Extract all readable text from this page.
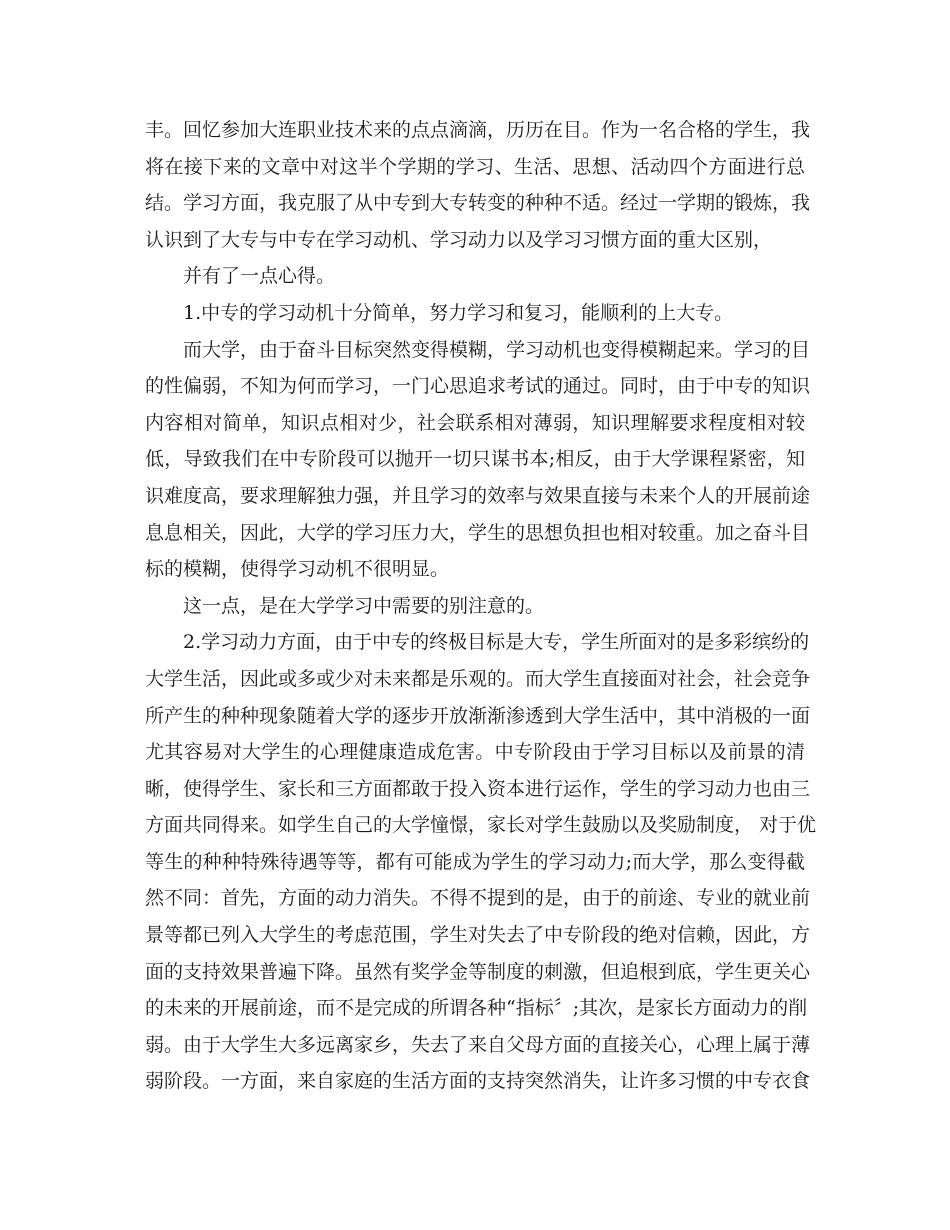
丰。回忆参加大连职业技术来的点点滴滴，历历在目。作为一名合格的学生，我
将在接下来的文章中对这半个学期的学习、生活、思想、活动四个方面进行总
结。学习方面，我克服了从中专到大专转变的种种不适。经过一学期的锻炼，我
认识到了大专与中专在学习动机、学习动力以及学习习惯方面的重大区别，
并有了一点心得。
1.中专的学习动机十分简单，努力学习和复习，能顺利的上大专。
而大学，由于奋斗目标突然变得模糊，学习动机也变得模糊起来。学习的目
的性偏弱，不知为何而学习，一门心思追求考试的通过。同时，由于中专的知识
内容相对简单，知识点相对少，社会联系相对薄弱，知识理解要求程度相对较
低，导致我们在中专阶段可以抛开一切只谋书本;相反，由于大学课程紧密，知
识难度高，要求理解独力强，并且学习的效率与效果直接与未来个人的开展前途
息息相关，因此，大学的学习压力大，学生的思想负担也相对较重。加之奋斗目
标的模糊，使得学习动机不很明显。
这一点，是在大学学习中需要的别注意的。
2.学习动力方面，由于中专的终极目标是大专，学生所面对的是多彩缤纷的
大学生活，因此或多或少对未来都是乐观的。而大学生直接面对社会，社会竞争
所产生的种种现象随着大学的逐步开放渐渐渗透到大学生活中，其中消极的一面
尤其容易对大学生的心理健康造成危害。中专阶段由于学习目标以及前景的清
晰，使得学生、家长和三方面都敢于投入资本进行运作，学生的学习动力也由三
方面共同得来。如学生自己的大学憧憬，家长对学生鼓励以及奖励制度， 对于优
等生的种种特殊待遇等等，都有可能成为学生的学习动力;而大学，那么变得截
然不同：首先，方面的动力消失。不得不提到的是，由于的前途、专业的就业前
景等都已列入大学生的考虑范围，学生对失去了中专阶段的绝对信赖，因此，方
面的支持效果普遍下降。虽然有奖学金等制度的刺激，但追根到底，学生更关心
的未来的开展前途，而不是完成的所谓各种“指标〞;其次，是家长方面动力的削
弱。由于大学生大多远离家乡，失去了来自父母方面的直接关心，心理上属于薄
弱阶段。一方面，来自家庭的生活方面的支持突然消失，让许多习惯的中专衣食
